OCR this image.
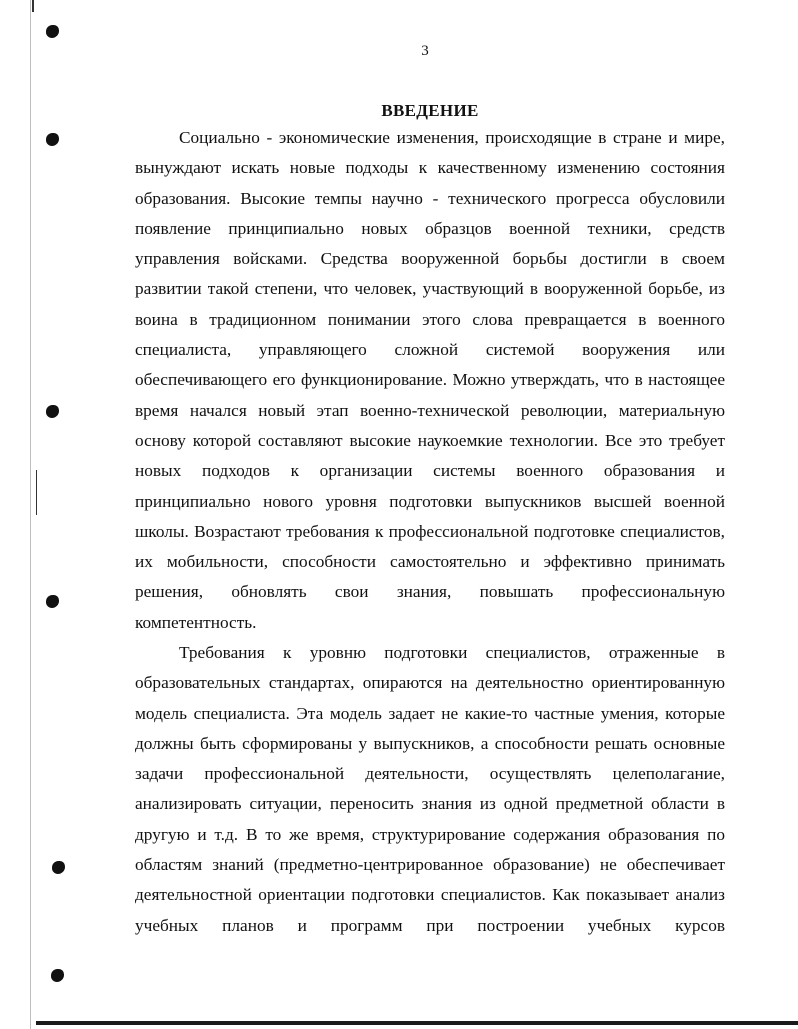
3
ВВЕДЕНИЕ

Социально - экономические изменения, происходящие в стране и мире, вынуждают искать новые подходы к качественному изменению состояния образования. Высокие темпы научно - технического прогресса обусловили появление принципиально новых образцов военной техники, средств управления войсками. Средства вооруженной борьбы достигли в своем развитии такой степени, что человек, участвующий в вооруженной борьбе, из воина в традиционном понимании этого слова превращается в военного специалиста, управляющего сложной системой вооружения или обеспечивающего его функционирование. Можно утверждать, что в настоящее время начался новый этап военно-технической революции, материальную основу которой составляют высокие наукоемкие технологии. Все это требует новых подходов к организации системы военного образования и принципиально нового уровня подготовки выпускников высшей военной школы. Возрастают требования к профессиональной подготовке специалистов, их мобильности, способности самостоятельно и эффективно принимать решения, обновлять свои знания, повышать профессиональную компетентность.

Требования к уровню подготовки специалистов, отраженные в образовательных стандартах, опираются на деятельностно ориентированную модель специалиста. Эта модель задает не какие-то частные умения, которые должны быть сформированы у выпускников, а способности решать основные задачи профессиональной деятельности, осуществлять целеполагание, анализировать ситуации, переносить знания из одной предметной области в другую и т.д. В то же время, структурирование содержания образования по областям знаний (предметно-центрированное образование) не обеспечивает деятельностной ориентации подготовки специалистов. Как показывает анализ учебных планов и программ при построении учебных курсов
